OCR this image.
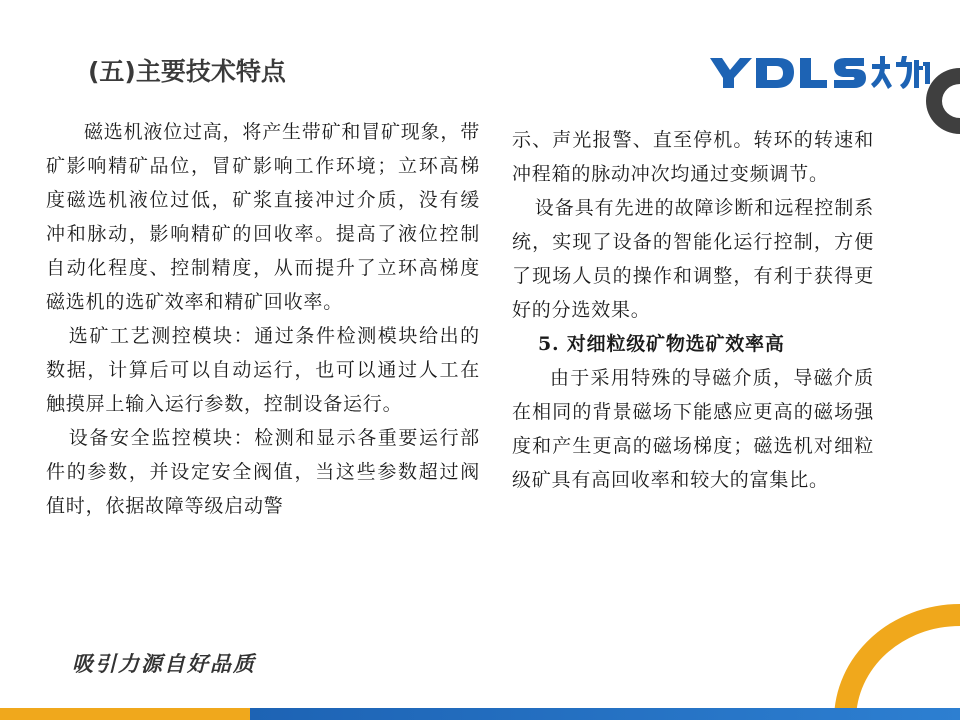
(五)主要技术特点

磁选机液位过高，将产生带矿和冒矿现象，带矿影响精矿品位，冒矿影响工作环境；立环高梯度磁选机液位过低，矿浆直接冲过介质，没有缓冲和脉动，影响精矿的回收率。提高了液位控制自动化程度、控制精度，从而提升了立环高梯度磁选机的选矿效率和精矿回收率。

选矿工艺测控模块：通过条件检测模块给出的数据，计算后可以自动运行，也可以通过人工在触摸屏上输入运行参数，控制设备运行。

设备安全监控模块：检测和显示各重要运行部件的参数，并设定安全阀值，当这些参数超过阀值时，依据故障等级启动警

示、声光报警、直至停机。转环的转速和冲程箱的脉动冲次均通过变频调节。

设备具有先进的故障诊断和远程控制系统，实现了设备的智能化运行控制，方便了现场人员的操作和调整，有利于获得更好的分选效果。

5. 对细粒级矿物选矿效率高

由于采用特殊的导磁介质，导磁介质在相同的背景磁场下能感应更高的磁场强度和产生更高的磁场梯度；磁选机对细粒级矿具有高回收率和较大的富集比。

吸引力源自好品质
